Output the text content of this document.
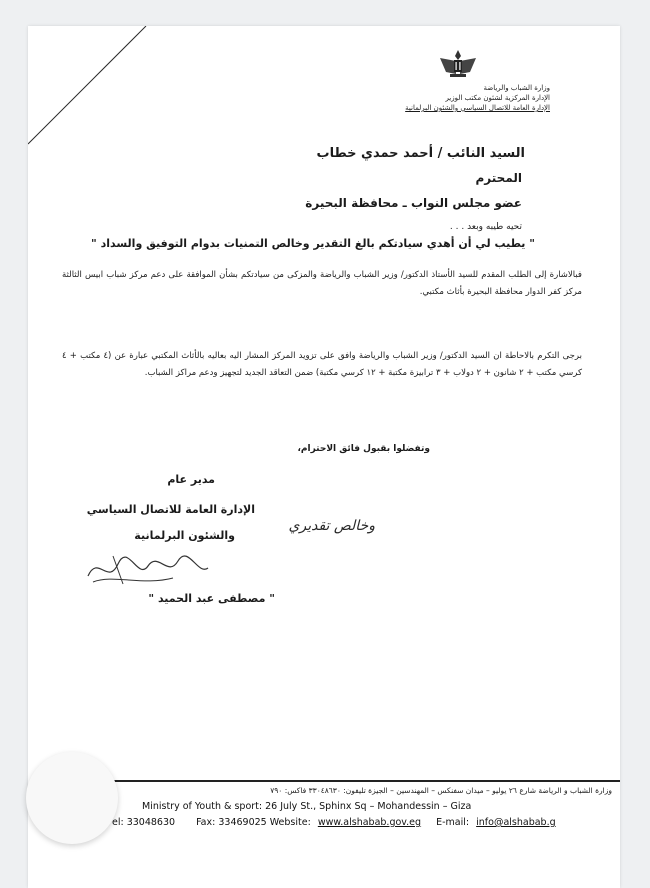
وزارة الشباب والرياضة
الإدارة المركزية لشئون مكتب الوزير
الإدارة العامة للاتصال السياسي والشئون البرلمانية
السيد النائب / أحمد حمدي خطاب
المحترم
عضو مجلس النواب ـ محافظة البحيرة
تحيه طيبه وبعد . . .
" يطيب لي أن أهدي سيادتكم بالغ التقدير وخالص التمنيات بدوام التوفيق والسداد "
فبالاشارة إلى الطلب المقدم للسيد الأستاذ الدكتور/ وزير الشباب والرياضة والمزكى من سيادتكم بشأن الموافقة على دعم مركز شباب ابيس الثالثة مركز كفر الدوار محافظة البحيرة بأثاث مكتبي.
برجى التكرم بالاحاطة ان السيد الدكتور/ وزير الشباب والرياضة وافق على تزويد المركز المشار اليه بعاليه بالأثاث المكتبي عبارة عن (٤ مكتب + ٤ كرسي مكتب + ٢ شانون + ٢ دولاب + ٣ ترابيزة مكتبة + ١٢ كرسي مكتبة) ضمن التعاقد الجديد لتجهيز ودعم مراكز الشباب.
وتفضلوا بقبول فائق الاحترام،
مدير عام
الإدارة العامة للاتصال السياسي
والشئون البرلمانية
وخالص تقديري
" مصطفى عبد الحميد "
وزارة الشباب و الرياضة شارع ٢٦ يوليو – ميدان سفنكس – المهندسين – الجيزة تليفون: ٣٣٠٤٨٦٣٠ فاكس: ٧٩٠
Ministry of Youth & sport: 26 July St., Sphinx Sq – Mohandessin – Giza
el: 33048630 Fax: 33469025 Website: www.alshabab.gov.eg E-mail: info@alshabab.g
